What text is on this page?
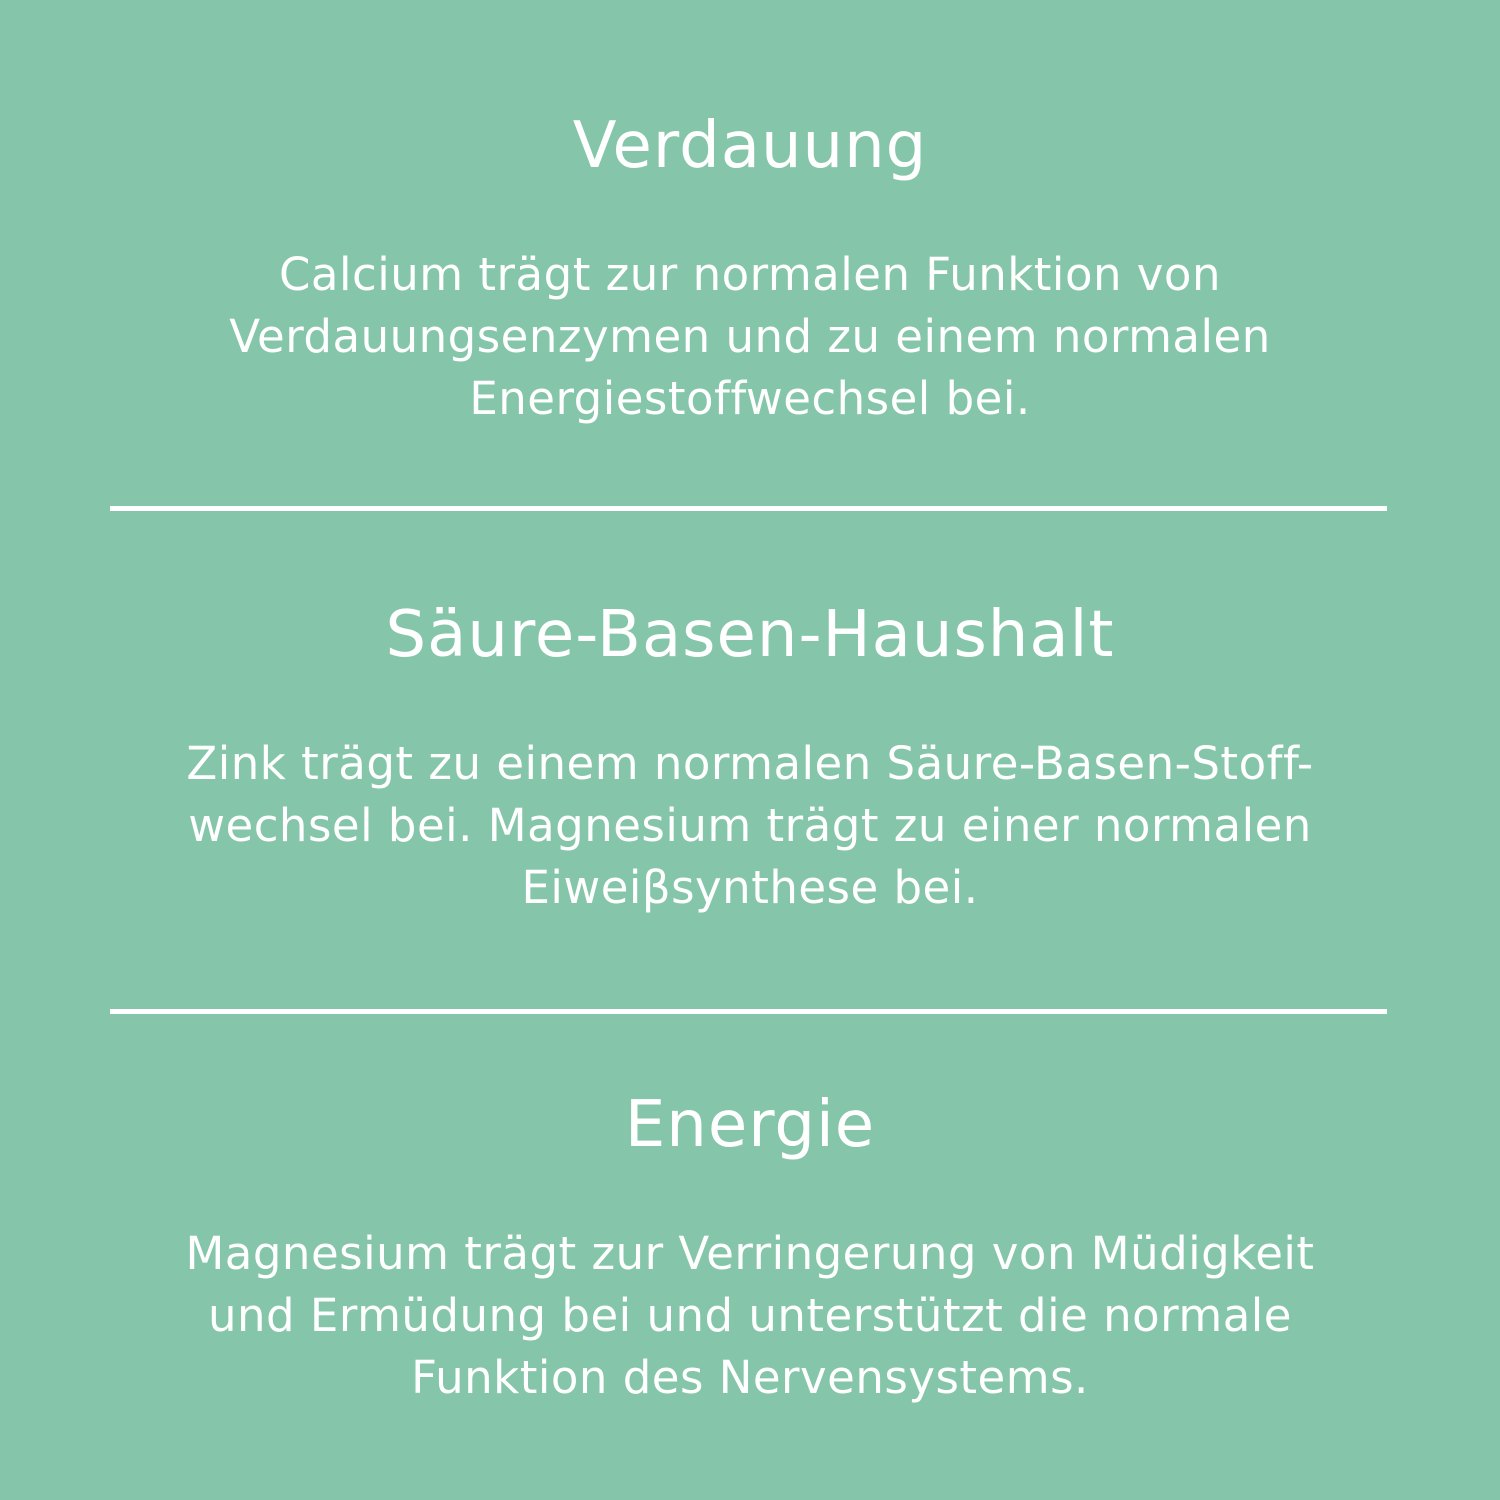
Verdauung
Calcium trägt zur normalen Funktion von
Verdauungsenzymen und zu einem normalen
Energiestoffwechsel bei.
Säure-Basen-Haushalt
Zink trägt zu einem normalen Säure-Basen-Stoff-
wechsel bei. Magnesium trägt zu einer normalen
Eiweiβsynthese bei.
Energie
Magnesium trägt zur Verringerung von Müdigkeit
und Ermüdung bei und unterstützt die normale
Funktion des Nervensystems.
